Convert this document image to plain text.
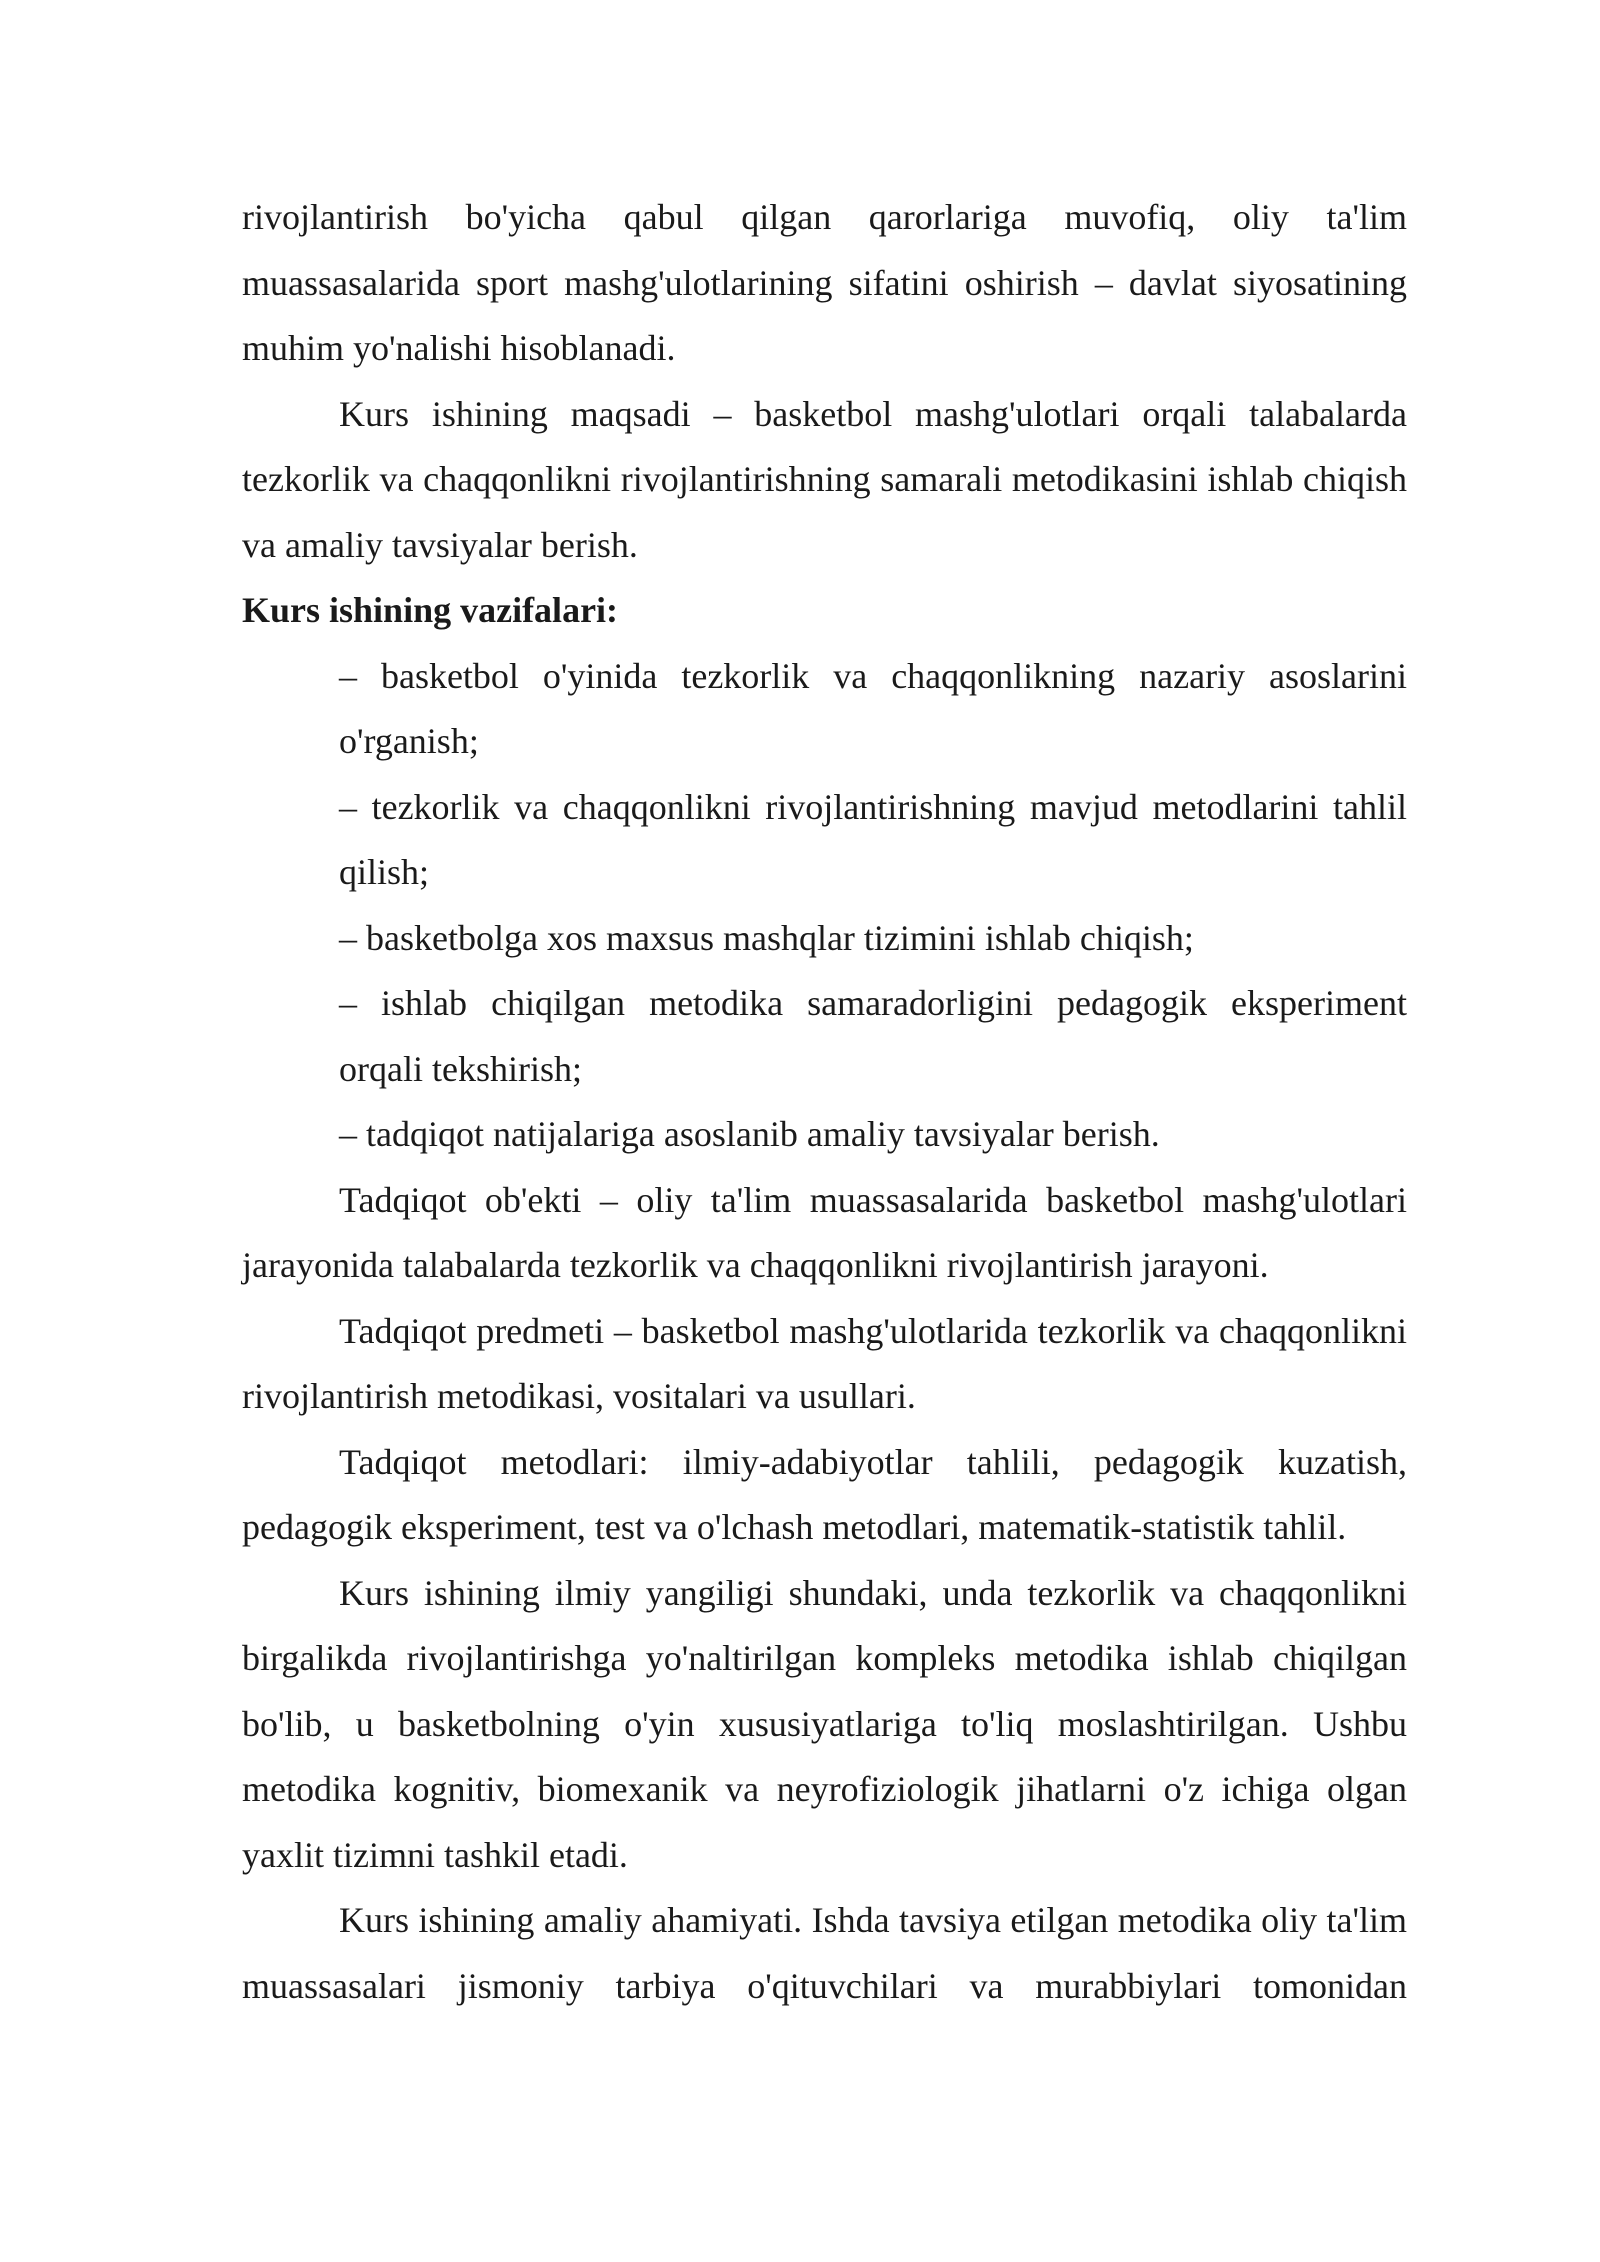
rivojlantirish bo'yicha qabul qilgan qarorlariga muvofiq, oliy ta'lim muassasalarida sport mashg'ulotlarining sifatini oshirish – davlat siyosatining muhim yo'nalishi hisoblanadi.

Kurs ishining maqsadi – basketbol mashg'ulotlari orqali talabalarda tezkorlik va chaqqonlikni rivojlantirishning samarali metodikasini ishlab chiqish va amaliy tavsiyalar berish.

Kurs ishining vazifalari:

– basketbol o'yinida tezkorlik va chaqqonlikning nazariy asoslarini o'rganish;

– tezkorlik va chaqqonlikni rivojlantirishning mavjud metodlarini tahlil qilish;

– basketbolga xos maxsus mashqlar tizimini ishlab chiqish;

– ishlab chiqilgan metodika samaradorligini pedagogik eksperiment orqali tekshirish;

– tadqiqot natijalariga asoslanib amaliy tavsiyalar berish.

Tadqiqot ob'ekti – oliy ta'lim muassasalarida basketbol mashg'ulotlari jarayonida talabalarda tezkorlik va chaqqonlikni rivojlantirish jarayoni.

Tadqiqot predmeti – basketbol mashg'ulotlarida tezkorlik va chaqqonlikni rivojlantirish metodikasi, vositalari va usullari.

Tadqiqot metodlari: ilmiy-adabiyotlar tahlili, pedagogik kuzatish, pedagogik eksperiment, test va o'lchash metodlari, matematik-statistik tahlil.

Kurs ishining ilmiy yangiligi shundaki, unda tezkorlik va chaqqonlikni birgalikda rivojlantirishga yo'naltirilgan kompleks metodika ishlab chiqilgan bo'lib, u basketbolning o'yin xususiyatlariga to'liq moslashtirilgan. Ushbu metodika kognitiv, biomexanik va neyrofiziologik jihatlarni o'z ichiga olgan yaxlit tizimni tashkil etadi.

Kurs ishining amaliy ahamiyati. Ishda tavsiya etilgan metodika oliy ta'lim muassasalari jismoniy tarbiya o'qituvchilari va murabbiylari tomonidan
